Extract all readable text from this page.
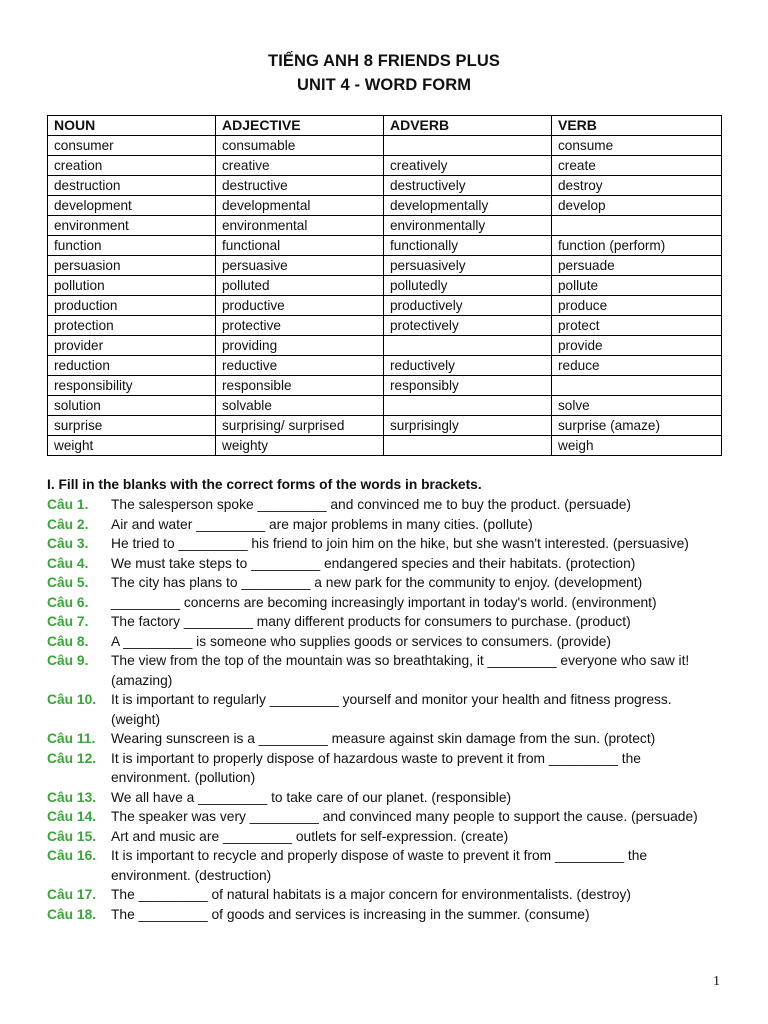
TIẾNG ANH 8 FRIENDS PLUS
UNIT 4 - WORD FORM
NOUN	ADJECTIVE	ADVERB	VERB
consumer	consumable		consume
creation	creative	creatively	create
destruction	destructive	destructively	destroy
development	developmental	developmentally	develop
environment	environmental	environmentally	
function	functional	functionally	function (perform)
persuasion	persuasive	persuasively	persuade
pollution	polluted	pollutedly	pollute
production	productive	productively	produce
protection	protective	protectively	protect
provider	providing		provide
reduction	reductive	reductively	reduce
responsibility	responsible	responsibly	
solution	solvable		solve
surprise	surprising/ surprised	surprisingly	surprise (amaze)
weight	weighty		weigh
I. Fill in the blanks with the correct forms of the words in brackets.
Câu 1.	The salesperson spoke _________ and convinced me to buy the product. (persuade)
Câu 2.	Air and water _________ are major problems in many cities. (pollute)
Câu 3.	He tried to _________ his friend to join him on the hike, but she wasn't interested. (persuasive)
Câu 4.	We must take steps to _________ endangered species and their habitats. (protection)
Câu 5.	The city has plans to _________ a new park for the community to enjoy. (development)
Câu 6.	_________ concerns are becoming increasingly important in today's world. (environment)
Câu 7.	The factory _________ many different products for consumers to purchase. (product)
Câu 8.	A _________ is someone who supplies goods or services to consumers. (provide)
Câu 9.	The view from the top of the mountain was so breathtaking, it _________ everyone who saw it! (amazing)
Câu 10.	It is important to regularly _________ yourself and monitor your health and fitness progress. (weight)
Câu 11.	Wearing sunscreen is a _________ measure against skin damage from the sun. (protect)
Câu 12.	It is important to properly dispose of hazardous waste to prevent it from _________ the environment. (pollution)
Câu 13.	We all have a _________ to take care of our planet. (responsible)
Câu 14.	The speaker was very _________ and convinced many people to support the cause. (persuade)
Câu 15.	Art and music are _________ outlets for self-expression. (create)
Câu 16.	It is important to recycle and properly dispose of waste to prevent it from _________ the environment. (destruction)
Câu 17.	The _________ of natural habitats is a major concern for environmentalists. (destroy)
Câu 18.	The _________ of goods and services is increasing in the summer. (consume)
1
